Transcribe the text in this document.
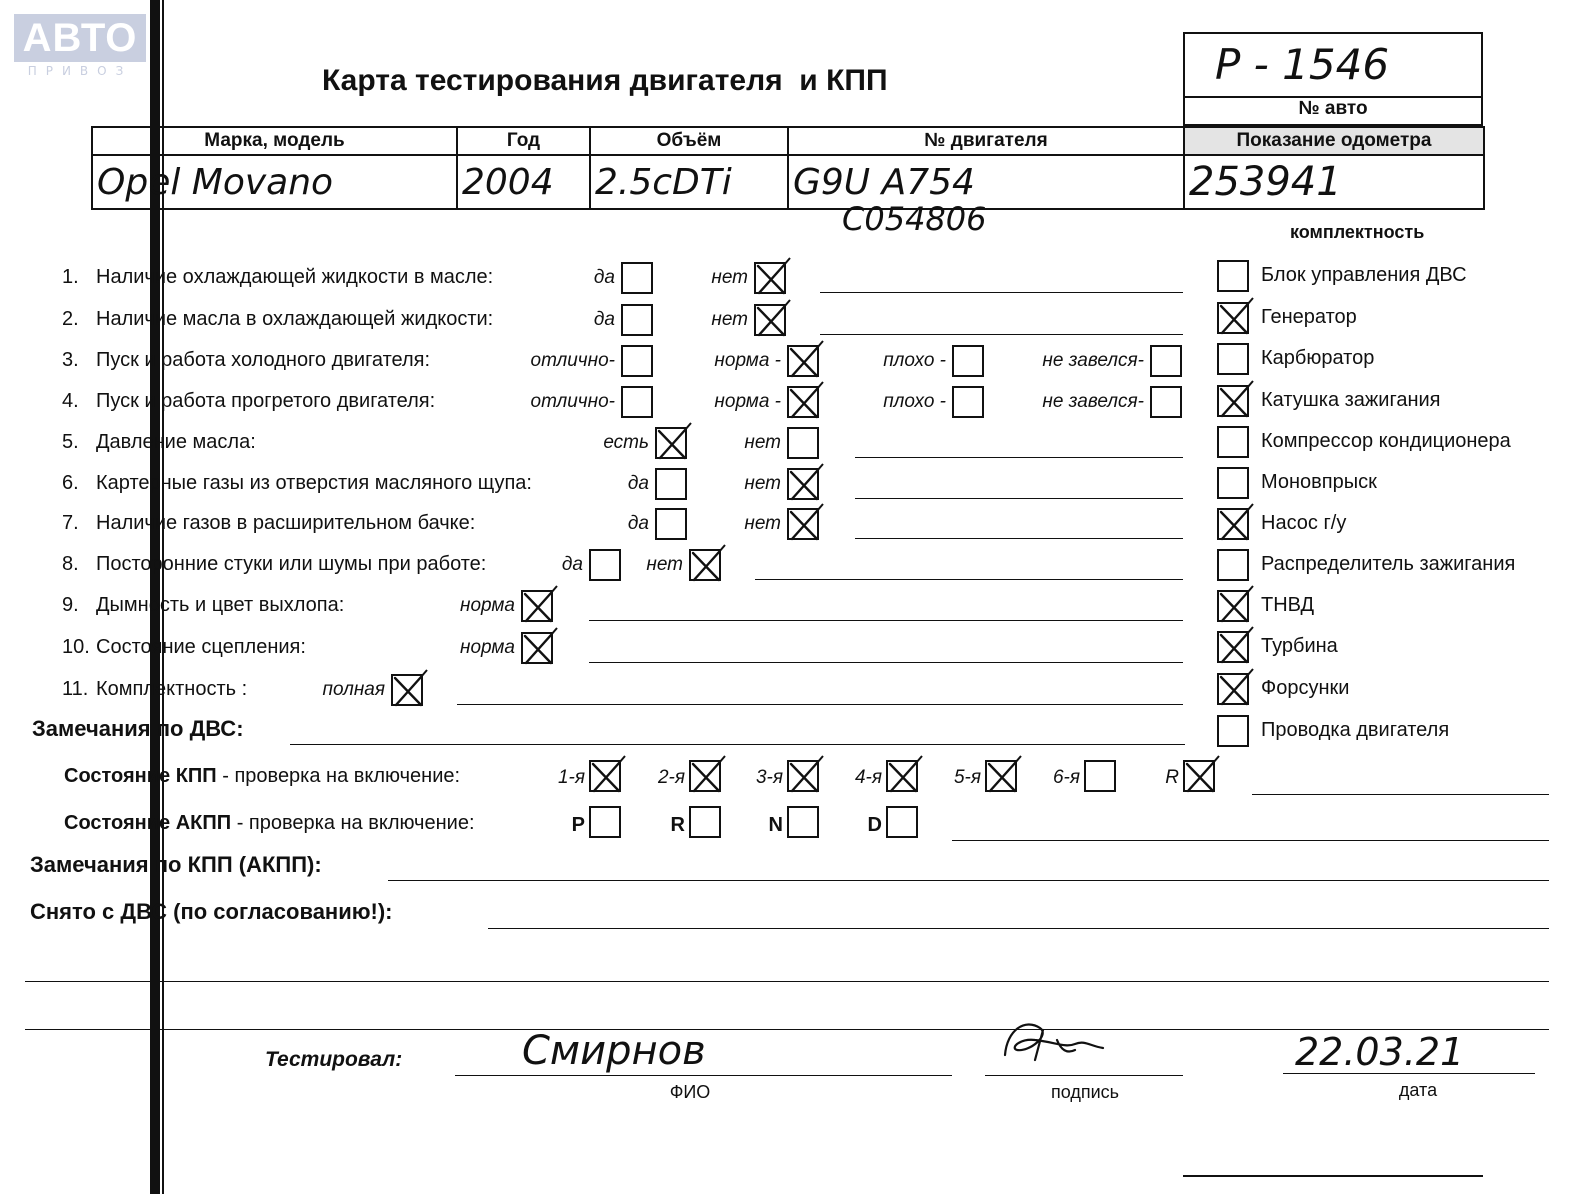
АВТО
ПРИВОЗ	Карта тестирования двигателя  и КПП	P - 1546
№ авто
Марка, модель	Год	Объём	№ двигателя	Показание одометра
Opel Movano	2004	2.5cDTi	G9U A754	253941
C054806	комплектность
1. Наличие охлаждающей жидкости в масле:	да	нет
2. Наличие масла в охлаждающей жидкости:	да	нет
3. Пуск и работа холодного двигателя:	отлично-	норма -	плохо -	не завелся-
4. Пуск и работа прогретого двигателя:	отлично-	норма -	плохо -	не завелся-
5. Давление масла:	есть	нет
6. Картерные газы из отверстия масляного щупа:	да	нет
7. Наличие газов в расширительном бачке:	да	нет
8. Посторонние стуки или шумы при работе:	да	нет
9. Дымность и цвет выхлопа:	норма
10. Состояние сцепления:	норма
11. Комплектность :	полная
Блок управления ДВС
Генератор
Карбюратор
Катушка зажигания
Компрессор кондиционера
Моновпрыск
Насос г/у
Распределитель зажигания
ТНВД
Турбина
Форсунки
Проводка двигателя
Замечания по ДВС:
Состояние КПП - проверка на включение:	1-я	2-я	3-я	4-я	5-я	6-я	R
Состояние АКПП - проверка на включение:	P	R	N	D
Замечания по КПП (АКПП):
Снято с ДВС (по согласованию!):
Тестировал:	Смирнов
ФИО	подпись
22.03.21
дата
